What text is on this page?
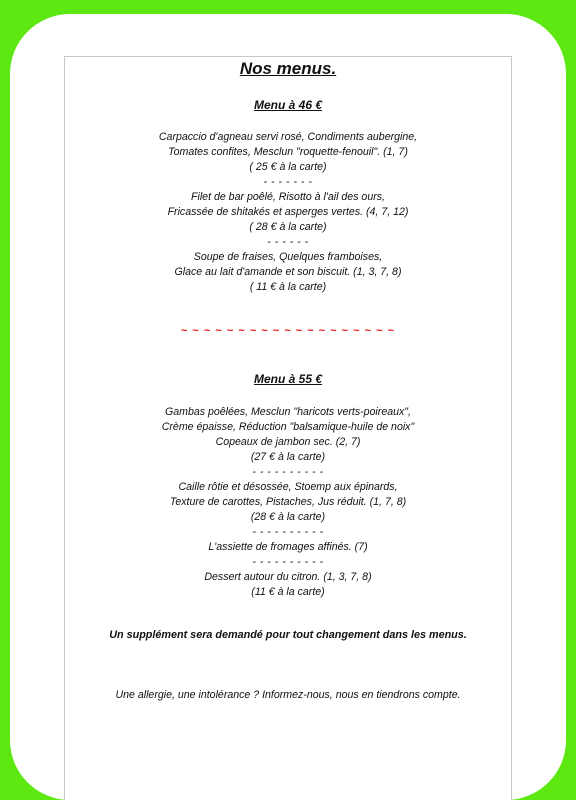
Nos menus.
Menu à 46 €
Carpaccio d'agneau servi rosé, Condiments aubergine,
Tomates confites, Mesclun "roquette-fenouil". (1, 7)
( 25 € à la carte)
- - - - - - -
Filet de bar poêlé, Risotto à l'ail des ours,
Fricassée de shitakés et asperges vertes. (4, 7, 12)
( 28 € à la carte)
- - - - - -
Soupe de fraises, Quelques framboises,
Glace au lait d'amande et son biscuit. (1, 3, 7, 8)
( 11 € à la carte)
~ ~ ~ ~ ~ ~ ~ ~ ~ ~ ~ ~ ~ ~ ~ ~ ~ ~ ~
Menu à 55 €
Gambas poêlées, Mesclun "haricots verts-poireaux",
Crème épaisse, Réduction "balsamique-huile de noix"
Copeaux de jambon sec. (2, 7)
(27 € à la carte)
- - - - - - - - - -
Caille rôtie et désossée, Stoemp aux épinards,
Texture de carottes, Pistaches, Jus réduit. (1, 7, 8)
(28 € à la carte)
- - - - - - - - - -
L'assiette de fromages affinés. (7)
- - - - - - - - - -
Dessert autour du citron. (1, 3, 7, 8)
(11 € à la carte)
Un supplément sera demandé pour tout changement dans les menus.
Une allergie, une intolérance ? Informez-nous, nous en tiendrons compte.
